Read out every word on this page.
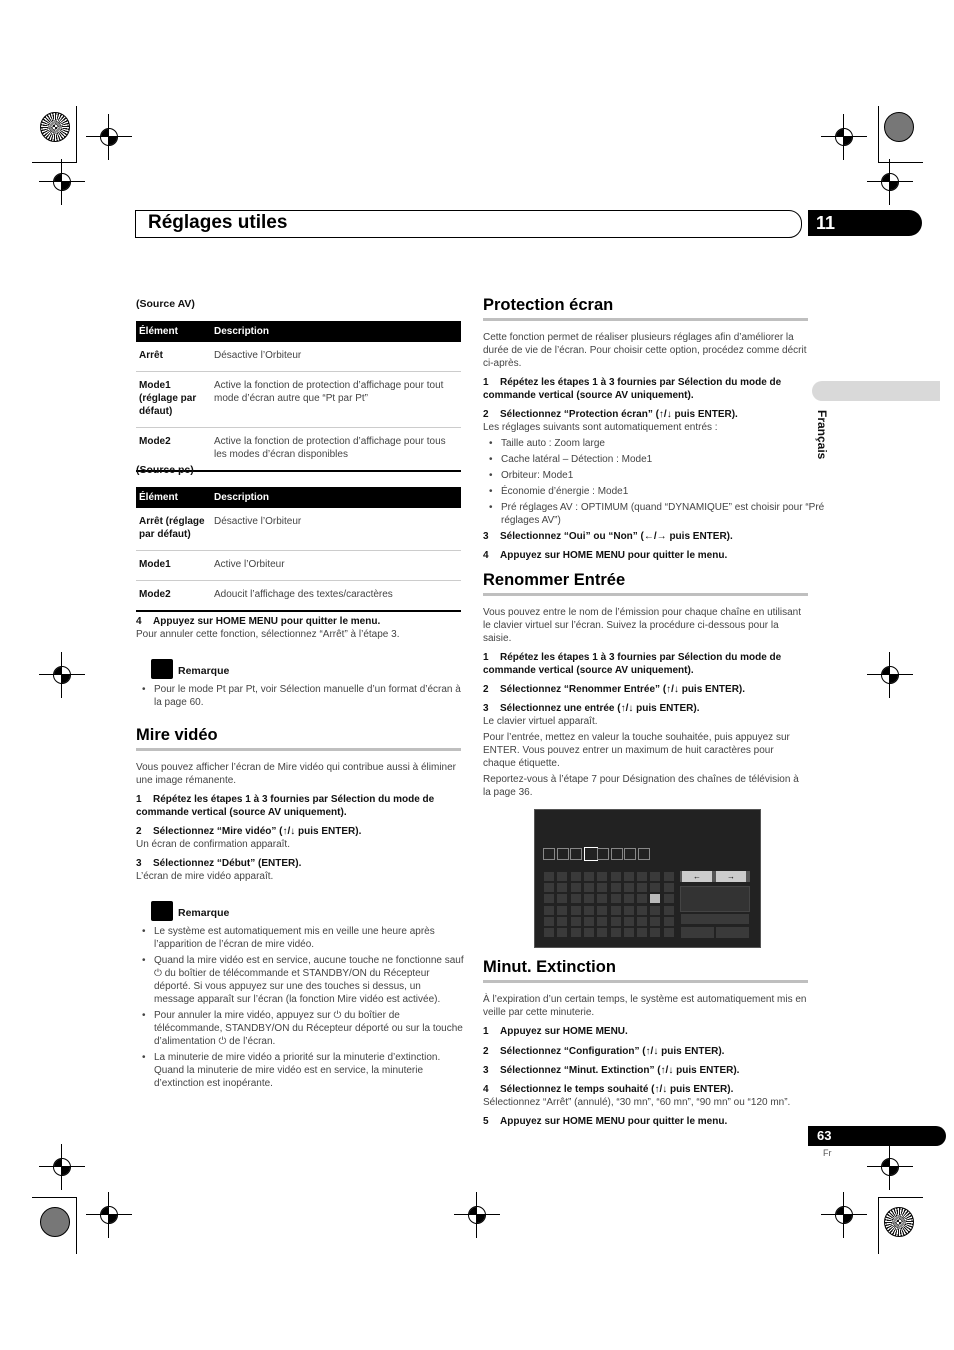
Réglages utiles	11
Français
(Source AV)
Élément	Description
Arrêt	Désactive l’Orbiteur
Mode1 (réglage par défaut)	Active la fonction de protection d’affichage pour tout mode d’écran autre que “Pt par Pt”
Mode2	Active la fonction de protection d’affichage pour tous les modes d’écran disponibles
(Source pc)
Élément	Description
Arrêt (réglage par défaut)	Désactive l’Orbiteur
Mode1	Active l’Orbiteur
Mode2	Adoucit l’affichage des textes/caractères
4 Appuyez sur HOME MENU pour quitter le menu.
Pour annuler cette fonction, sélectionnez “Arrêt” à l’étape 3.
Remarque
• Pour le mode Pt par Pt, voir Sélection manuelle d’un format d’écran à la page 60.
Mire vidéo
Vous pouvez afficher l’écran de Mire vidéo qui contribue aussi à éliminer une image rémanente.
1 Répétez les étapes 1 à 3 fournies par Sélection du mode de commande vertical (source AV uniquement).
2 Sélectionnez “Mire vidéo” (↑/↓ puis ENTER).
Un écran de confirmation apparaît.
3 Sélectionnez “Début” (ENTER).
L’écran de mire vidéo apparaît.
Remarque
• Le système est automatiquement mis en veille une heure après l’apparition de l’écran de mire vidéo.
• Quand la mire vidéo est en service, aucune touche ne fonctionne sauf ⏻ du boîtier de télécommande et STANDBY/ON du Récepteur déporté. Si vous appuyez sur une des touches si dessus, un message apparaît sur l’écran (la fonction Mire vidéo est activée).
• Pour annuler la mire vidéo, appuyez sur ⏻ du boîtier de télécommande, STANDBY/ON du Récepteur déporté ou sur la touche d’alimentation ⏻ de l’écran.
• La minuterie de mire vidéo a priorité sur la minuterie d’extinction. Quand la minuterie de mire vidéo est en service, la minuterie d’extinction est inopérante.
Protection écran
Cette fonction permet de réaliser plusieurs réglages afin d’améliorer la durée de vie de l’écran. Pour choisir cette option, procédez comme décrit ci-après.
1 Répétez les étapes 1 à 3 fournies par Sélection du mode de commande vertical (source AV uniquement).
2 Sélectionnez “Protection écran” (↑/↓ puis ENTER).
Les réglages suivants sont automatiquement entrés :
• Taille auto : Zoom large
• Cache latéral – Détection : Mode1
• Orbiteur: Mode1
• Économie d’énergie : Mode1
• Pré réglages AV : OPTIMUM (quand “DYNAMIQUE” est choisir pour “Pré réglages AV”)
3 Sélectionnez “Oui” ou “Non” (←/→ puis ENTER).
4 Appuyez sur HOME MENU pour quitter le menu.
Renommer Entrée
Vous pouvez entre le nom de l’émission pour chaque chaîne en utilisant le clavier virtuel sur l’écran. Suivez la procédure ci-dessous pour la saisie.
1 Répétez les étapes 1 à 3 fournies par Sélection du mode de commande vertical (source AV uniquement).
2 Sélectionnez “Renommer Entrée” (↑/↓ puis ENTER).
3 Sélectionnez une entrée (↑/↓ puis ENTER).
Le clavier virtuel apparaît.
Pour l’entrée, mettez en valeur la touche souhaitée, puis appuyez sur ENTER. Vous pouvez entrer un maximum de huit caractères pour chaque étiquette.
Reportez-vous à l’étape 7 pour Désignation des chaînes de télévision à la page 36.
←	→
Minut. Extinction
À l’expiration d’un certain temps, le système est automatiquement mis en veille par cette minuterie.
1 Appuyez sur HOME MENU.
2 Sélectionnez “Configuration” (↑/↓ puis ENTER).
3 Sélectionnez “Minut. Extinction” (↑/↓ puis ENTER).
4 Sélectionnez le temps souhaité (↑/↓ puis ENTER).
Sélectionnez “Arrêt” (annulé), “30 mn”, “60 mn”, “90 mn” ou “120 mn”.
5 Appuyez sur HOME MENU pour quitter le menu.
63
Fr
